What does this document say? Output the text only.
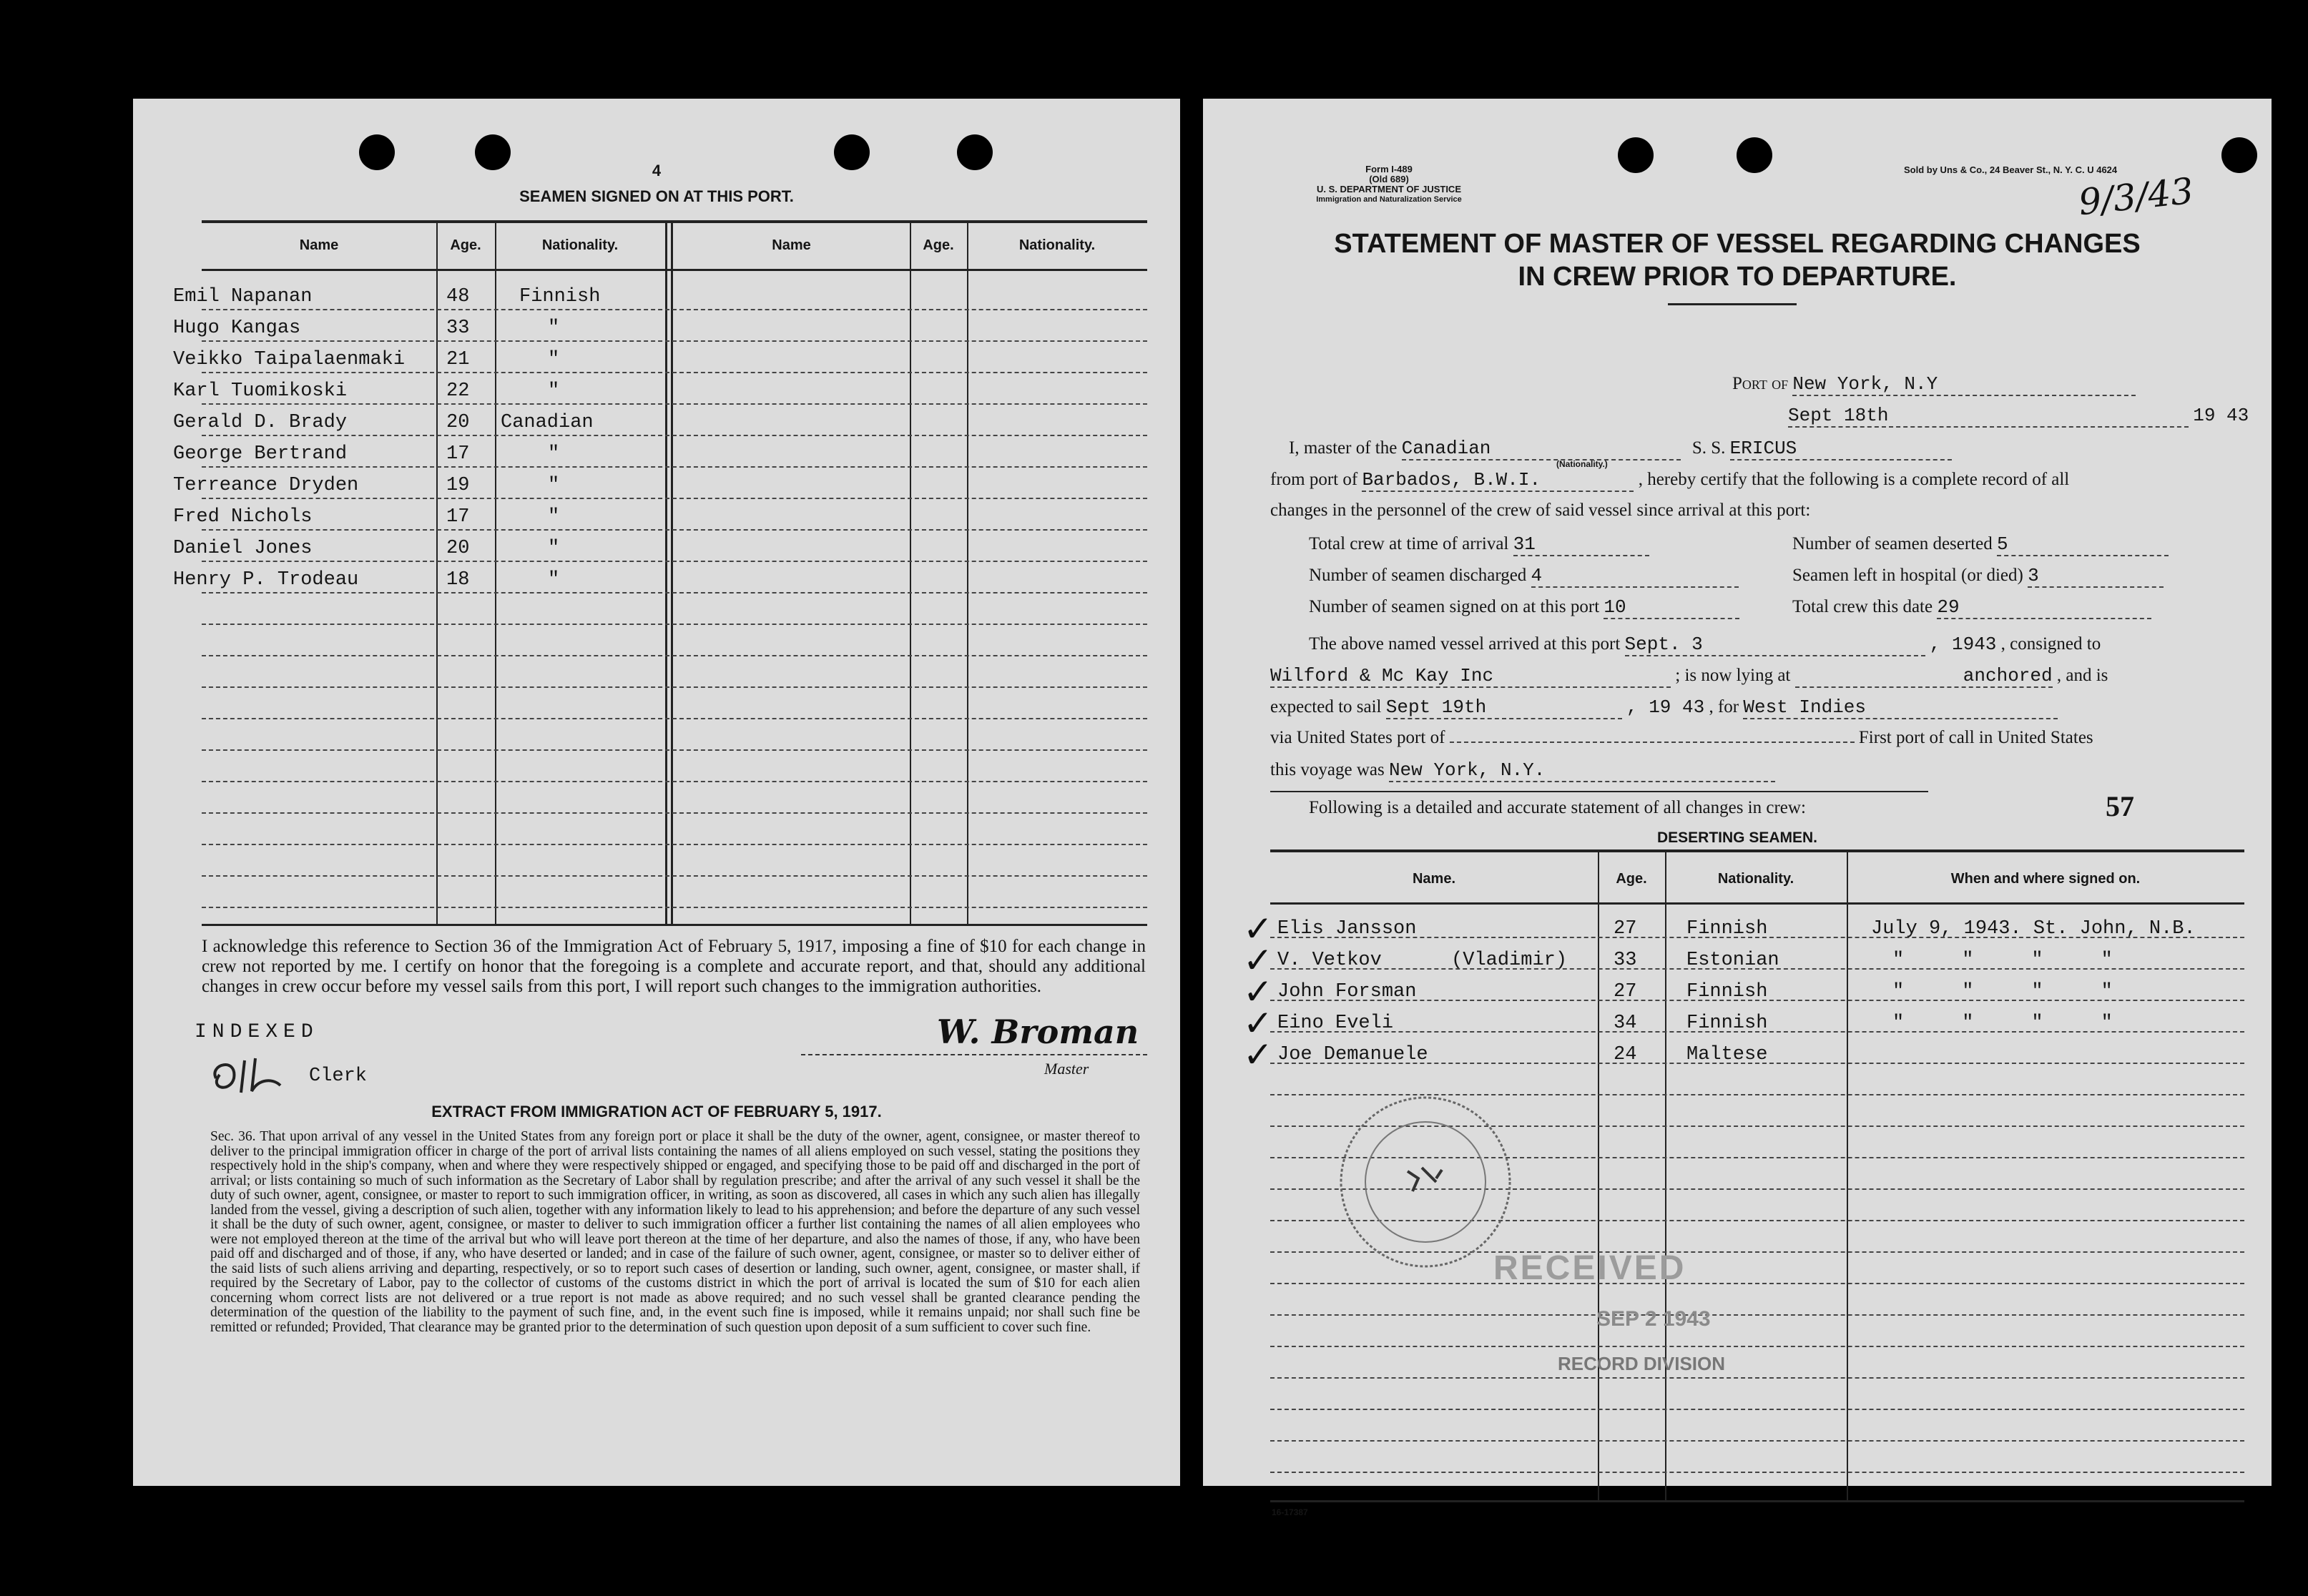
4
SEAMEN SIGNED ON AT THIS PORT.
Name	Age.	Nationality.	Name	Age.	Nationality.
Emil Napanan	48	Finnish
Hugo Kangas	33	"
Veikko Taipalaenmaki 21	"
Karl Tuomikoski	22	"
Gerald D. Brady	20 Canadian
George Bertrand	17	"
Terreance Dryden	19	"
Fred Nichols	17	"
Daniel Jones	20	"
Henry P. Trodeau	18	"
I acknowledge this reference to Section 36 of the Immigration Act of February 5, 1917, imposing a fine of $10 for each change in crew not reported by me. I certify on honor that the foregoing is a complete and accurate report, and that, should any additional changes in crew occur before my vessel sails from this port, I will report such changes to the immigration authorities.
INDEXED
Clerk
W. Broman
Master
EXTRACT FROM IMMIGRATION ACT OF FEBRUARY 5, 1917.
Sec. 36. That upon arrival of any vessel in the United States from any foreign port or place it shall be the duty of the owner, agent, consignee, or master thereof to deliver to the principal immigration officer in charge of the port of arrival lists containing the names of all aliens employed on such vessel, stating the positions they respectively hold in the ship's company, when and where they were respectively shipped or engaged, and specifying those to be paid off and discharged in the port of arrival; or lists containing so much of such information as the Secretary of Labor shall by regulation prescribe; and after the arrival of any such vessel it shall be the duty of such owner, agent, consignee, or master to report to such immigration officer, in writing, as soon as discovered, all cases in which any such alien has illegally landed from the vessel, giving a description of such alien, together with any information likely to lead to his apprehension; and before the departure of any such vessel it shall be the duty of such owner, agent, consignee, or master to deliver to such immigration officer a further list containing the names of all alien employees who were not employed thereon at the time of the arrival but who will leave port thereon at the time of her departure, and also the names of those, if any, who have been paid off and discharged and of those, if any, who have deserted or landed; and in case of the failure of such owner, agent, consignee, or master so to deliver either of the said lists of such aliens arriving and departing, respectively, or so to report such cases of desertion or landing, such owner, agent, consignee, or master shall, if required by the Secretary of Labor, pay to the collector of customs of the customs district in which the port of arrival is located the sum of $10 for each alien concerning whom correct lists are not delivered or a true report is not made as above required; and no such vessel shall be granted clearance pending the determination of the question of the liability to the payment of such fine, and, in the event such fine is imposed, while it remains unpaid; nor shall such fine be remitted or refunded; Provided, That clearance may be granted prior to the determination of such question upon deposit of a sum sufficient to cover such fine.
Form I-489
(Old 689)
U. S. DEPARTMENT OF JUSTICE
Immigration and Naturalization Service
Sold by Uns & Co., 24 Beaver St., N. Y. C. U 4624
9/3/43
STATEMENT OF MASTER OF VESSEL REGARDING CHANGES
IN CREW PRIOR TO DEPARTURE.
Port of New York, N.Y
Sept 18th	19 43
I, master of the Canadian	S. S. ERICUS
(Nationality.)
from port of Barbados, B.W.I.	, hereby certify that the following is a complete record of all
changes in the personnel of the crew of said vessel since arrival at this port:
Total crew at time of arrival 31	Number of seamen deserted 5
Number of seamen discharged 4	Seamen left in hospital (or died) 3
Number of seamen signed on at this port 10	Total crew this date 29
The above named vessel arrived at this port Sept. 3	, 1943 , consigned to
Wilford & Mc Kay Inc	; is now lying at	anchored , and is
expected to sail Sept 19th	, 19 43 , for West Indies
via United States port of	First port of call in United States
this voyage was New York, N.Y.
Following is a detailed and accurate statement of all changes in crew:	57
DESERTING SEAMEN.
Name.	Age.	Nationality.	When and where signed on.
Elis Jansson	27	Finnish	July 9, 1943. St. John, N.B.
V. Vetkov      (Vladimir) 33	Estonian	"     "     "     "
John Forsman	27	Finnish	"     "     "     "
Eino Eveli	34	Finnish	"     "     "     "
Joe Demanuele	24	Maltese
✓
✓
✓
✓
✓
RECEIVED
SEP 2 1943
RECORD DIVISION
16-17387
